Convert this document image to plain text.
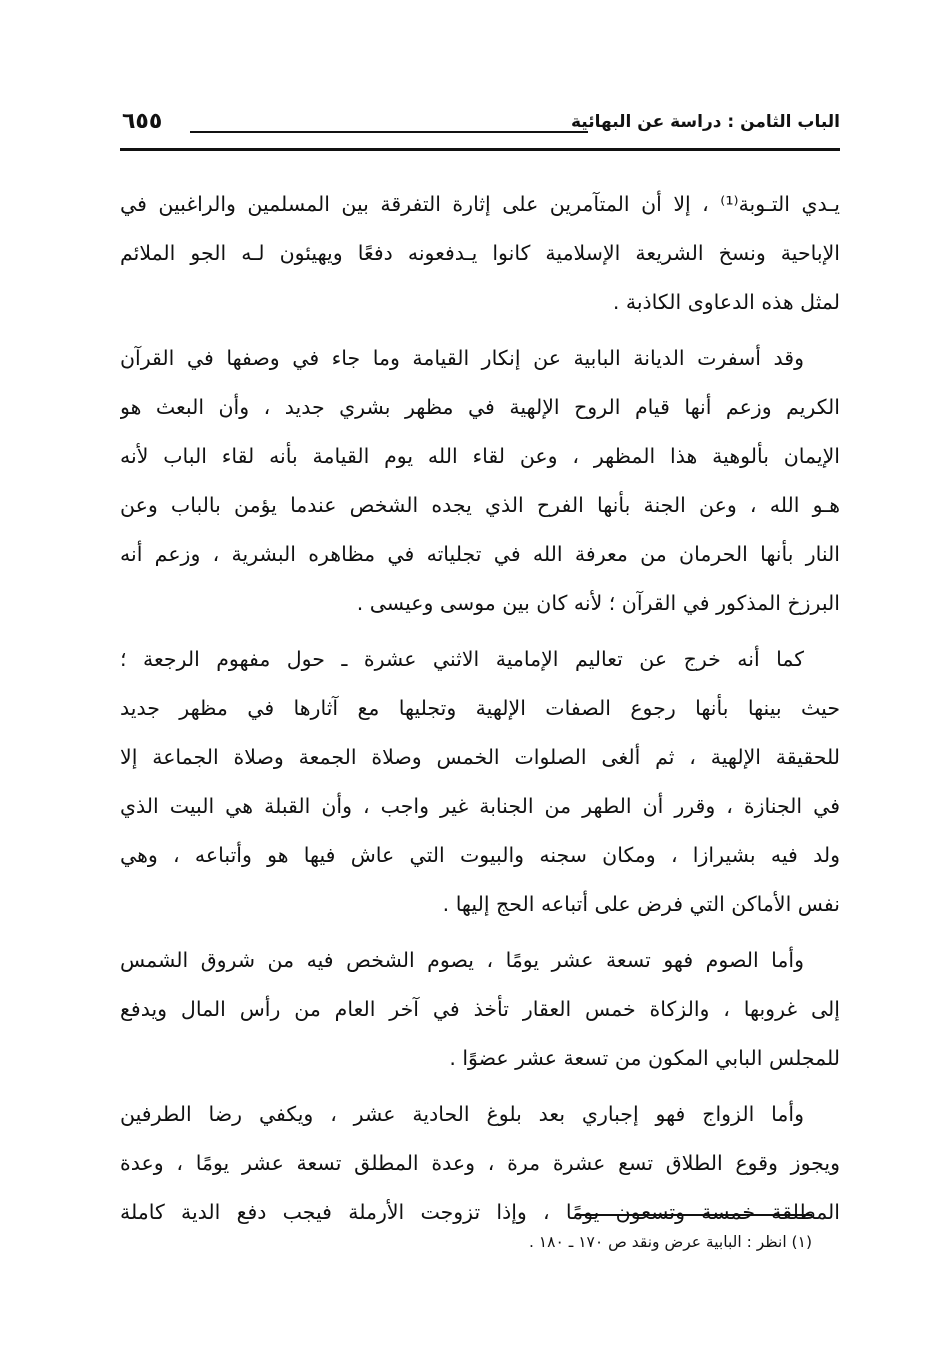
الباب الثامن : دراسة عن البهائية
٦٥٥
يـدي التـوبة⁽¹⁾ ، إلا أن المتآمرين على إثارة التفرقة بين المسلمين والراغبين في
الإباحية ونسخ الشريعة الإسلامية كانوا يـدفعونه دفعًا ويهيئون لـه الجو الملائم
لمثل هذه الدعاوى الكاذبة .
وقد أسفرت الديانة البابية عن إنكار القيامة وما جاء في وصفها في القرآن
الكريم وزعم أنها قيام الروح الإلهية في مظهر بشري جديد ، وأن البعث هو
الإيمان بألوهية هذا المظهر ، وعن لقاء الله يوم القيامة بأنه لقاء الباب لأنه
هـو الله ، وعن الجنة بأنها الفرح الذي يجده الشخص عندما يؤمن بالباب وعن
النار بأنها الحرمان من معرفة الله في تجلياته في مظاهره البشرية ، وزعم أنه
البرزخ المذكور في القرآن ؛ لأنه كان بين موسى وعيسى .
كما أنه خرج عن تعاليم الإمامية الاثني عشرة ـ حول مفهوم الرجعة ؛
حيث بينها بأنها رجوع الصفات الإلهية وتجليها مع آثارها في مظهر جديد
للحقيقة الإلهية ، ثم ألغى الصلوات الخمس وصلاة الجمعة وصلاة الجماعة إلا
في الجنازة ، وقرر أن الطهر من الجنابة غير واجب ، وأن القبلة هي البيت الذي
ولد فيه بشيرازا ، ومكان سجنه والبيوت التي عاش فيها هو وأتباعه ، وهي
نفس الأماكن التي فرض على أتباعه الحج إليها .
وأما الصوم فهو تسعة عشر يومًا ، يصوم الشخص فيه من شروق الشمس
إلى غروبها ، والزكاة خمس العقار تأخذ في آخر العام من رأس المال ويدفع
للمجلس البابي المكون من تسعة عشر عضوًا .
وأما الزواج فهو إجباري بعد بلوغ الحادية عشر ، ويكفي رضا الطرفين
ويجوز وقوع الطلاق تسع عشرة مرة ، وعدة المطلق تسعة عشر يومًا ، وعدة
المطلقة خمسة وتسعون يومًا ، وإذا تزوجت الأرملة فيجب دفع الدية كاملة
(١) انظر : البابية عرض ونقد ص ١٧٠ ـ ١٨٠ .
